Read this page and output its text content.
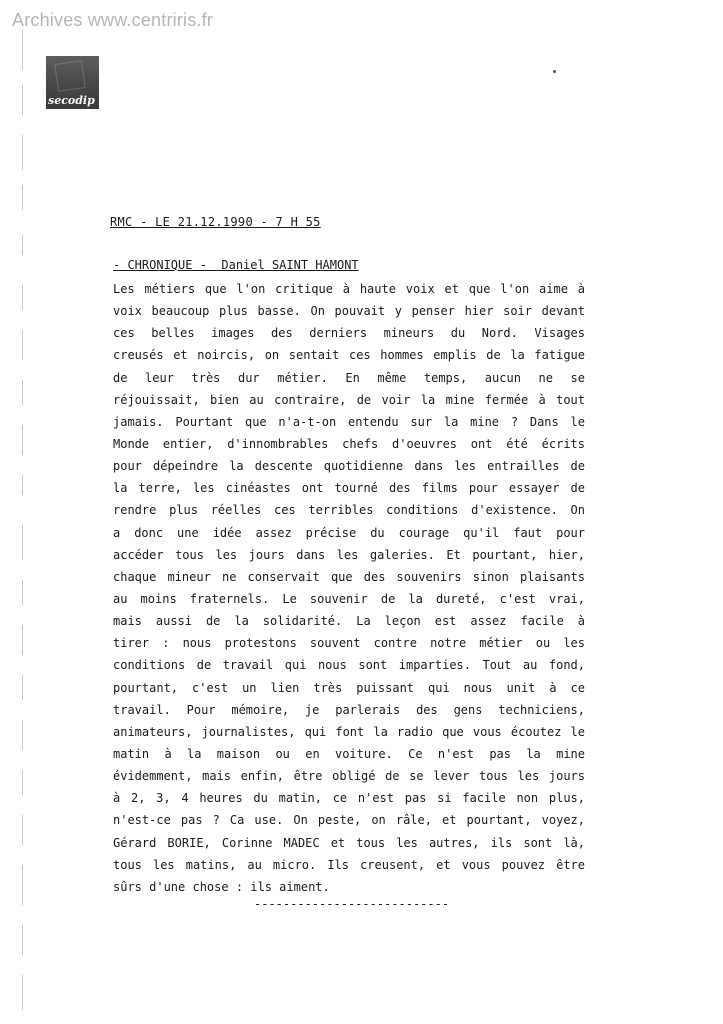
Archives www.centriris.fr
secodip
RMC - LE 21.12.1990 - 7 H 55
- CHRONIQUE -  Daniel SAINT HAMONT
Les métiers que l'on critique à haute voix et que l'on aime à
voix beaucoup plus basse. On pouvait y penser hier soir devant
ces belles images des derniers mineurs du Nord. Visages
creusés et noircis, on sentait ces hommes emplis de la fatigue
de leur très dur métier. En même temps, aucun ne se
réjouissait, bien au contraire, de voir la mine fermée à tout
jamais. Pourtant que n'a-t-on entendu sur la mine ? Dans le
Monde entier, d'innombrables chefs d'oeuvres ont été écrits
pour dépeindre la descente quotidienne dans les entrailles de
la terre, les cinéastes ont tourné des films pour essayer de
rendre plus réelles ces terribles conditions d'existence. On
a donc une idée assez précise du courage qu'il faut pour
accéder tous les jours dans les galeries. Et pourtant, hier,
chaque mineur ne conservait que des souvenirs sinon plaisants
au moins fraternels. Le souvenir de la dureté, c'est vrai,
mais aussi de la solidarité. La leçon est assez facile à
tirer : nous protestons souvent contre notre métier ou les
conditions de travail qui nous sont imparties. Tout au fond,
pourtant, c'est un lien très puissant qui nous unit à ce
travail. Pour mémoire, je parlerais des gens techniciens,
animateurs, journalistes, qui font la radio que vous écoutez le
matin à la maison ou en voiture. Ce n'est pas la mine
évidemment, mais enfin, être obligé de se lever tous les jours
à 2, 3, 4 heures du matin, ce n'est pas si facile non plus,
n'est-ce pas ? Ca use. On peste, on râle, et pourtant, voyez,
Gérard BORIE, Corinne MADEC et tous les autres, ils sont là,
tous les matins, au micro. Ils creusent, et vous pouvez être
sûrs d'une chose : ils aiment.
---------------------------
